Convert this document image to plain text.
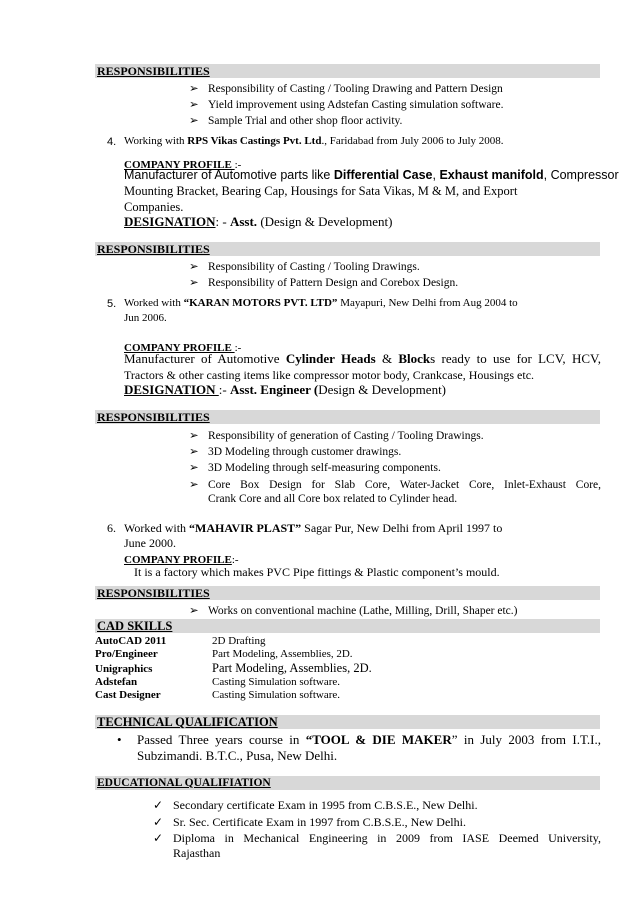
RESPONSIBILITIES
➢ Responsibility of Casting / Tooling Drawing and Pattern Design
➢ Yield improvement using Adstefan Casting simulation software.
➢ Sample Trial and other shop floor activity.
4. Working with RPS Vikas Castings Pvt. Ltd., Faridabad from July 2006 to July 2008.
COMPANY PROFILE :-
Manufacturer of Automotive parts like Differential Case, Exhaust manifold, Compressor
Mounting Bracket, Bearing Cap, Housings for Sata Vikas, M & M, and Export
Companies.
DESIGNATION: - Asst. (Design & Development)
RESPONSIBILITIES
➢ Responsibility of Casting / Tooling Drawings.
➢ Responsibility of Pattern Design and Corebox Design.
5. Worked with “KARAN MOTORS PVT. LTD” Mayapuri, New Delhi from Aug 2004 to
Jun 2006.
COMPANY PROFILE :-
Manufacturer of Automotive Cylinder Heads & Blocks ready to use for LCV, HCV,
Tractors & other casting items like compressor motor body, Crankcase, Housings etc.
DESIGNATION :- Asst. Engineer (Design & Development)
RESPONSIBILITIES
➢ Responsibility of generation of Casting / Tooling Drawings.
➢ 3D Modeling through customer drawings.
➢ 3D Modeling through self-measuring components.
➢ Core Box Design for Slab Core, Water-Jacket Core, Inlet-Exhaust Core,
Crank Core and all Core box related to Cylinder head.
6. Worked with “MAHAVIR PLAST” Sagar Pur, New Delhi from April 1997 to
June 2000.
COMPANY PROFILE:-
It is a factory which makes PVC Pipe fittings & Plastic component’s mould.
RESPONSIBILITIES
➢ Works on conventional machine (Lathe, Milling, Drill, Shaper etc.)
CAD SKILLS
AutoCAD 2011	2D Drafting
Pro/Engineer	Part Modeling, Assemblies, 2D.
Unigraphics	Part Modeling, Assemblies, 2D.
Adstefan	Casting Simulation software.
Cast Designer	Casting Simulation software.
TECHNICAL QUALIFICATION
• Passed Three years course in “TOOL & DIE MAKER” in July 2003 from I.T.I.,
Subzimandi. B.T.C., Pusa, New Delhi.
EDUCATIONAL QUALIFIATION
✓ Secondary certificate Exam in 1995 from C.B.S.E., New Delhi.
✓ Sr. Sec. Certificate Exam in 1997 from C.B.S.E., New Delhi.
✓ Diploma in Mechanical Engineering in 2009 from IASE Deemed University,
Rajasthan
